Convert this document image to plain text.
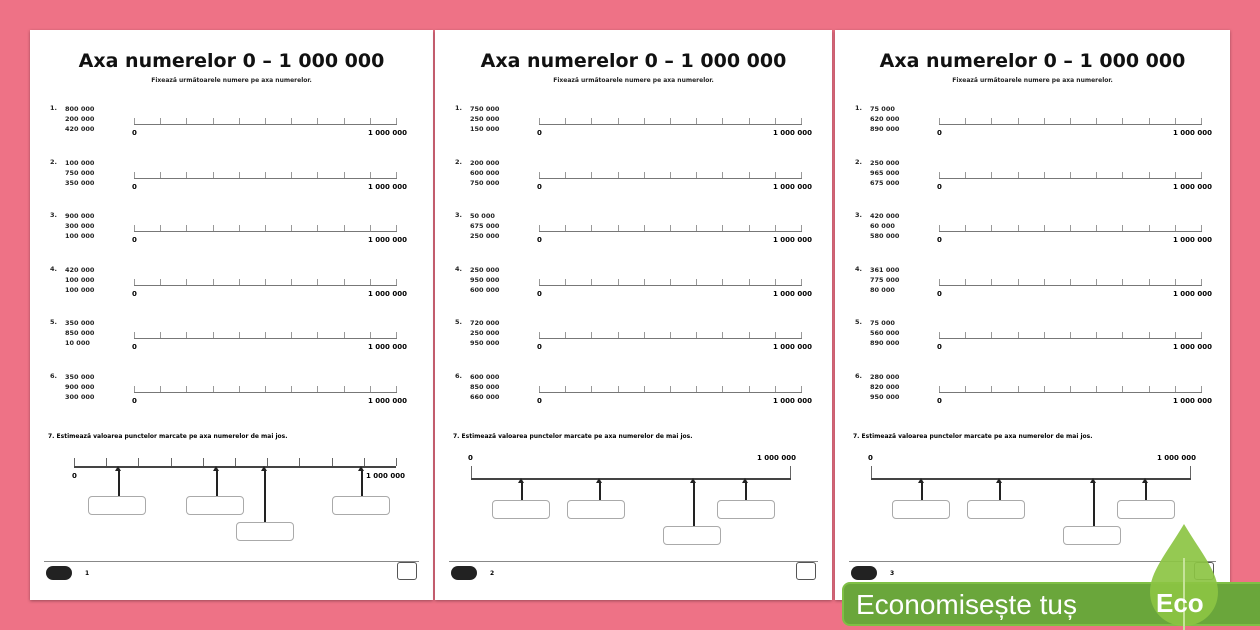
Axa numerelor 0 – 1 000 000
Fixează următoarele numere pe axa numerelor.
1. 800 000
200 000
420 000	0	1 000 000
2. 100 000
750 000
350 000	0	1 000 000
3. 900 000
300 000
100 000	0	1 000 000
4. 420 000
100 000
100 000	0	1 000 000
5. 350 000
850 000
10 000	0	1 000 000
6. 350 000
900 000
300 000	0	1 000 000
7. Estimează valoarea punctelor marcate pe axa numerelor de mai jos.
0	1 000 000
1
Axa numerelor 0 – 1 000 000
Fixează următoarele numere pe axa numerelor.
1. 750 000
250 000
150 000	0	1 000 000
2. 200 000
600 000
750 000	0	1 000 000
3. 50 000
675 000
250 000	0	1 000 000
4. 250 000
950 000
600 000	0	1 000 000
5. 720 000
250 000
950 000	0	1 000 000
6. 600 000
850 000
660 000	0	1 000 000
7. Estimează valoarea punctelor marcate pe axa numerelor de mai jos.
0	1 000 000
2
Axa numerelor 0 – 1 000 000
Fixează următoarele numere pe axa numerelor.
1. 75 000
620 000
890 000	0	1 000 000
2. 250 000
965 000
675 000	0	1 000 000
3. 420 000
60 000
580 000	0	1 000 000
4. 361 000
775 000
80 000	0	1 000 000
5. 75 000
560 000
890 000	0	1 000 000
6. 280 000
820 000
950 000	0	1 000 000
7. Estimează valoarea punctelor marcate pe axa numerelor de mai jos.
0	1 000 000
3
Economisește tuș	Eco
